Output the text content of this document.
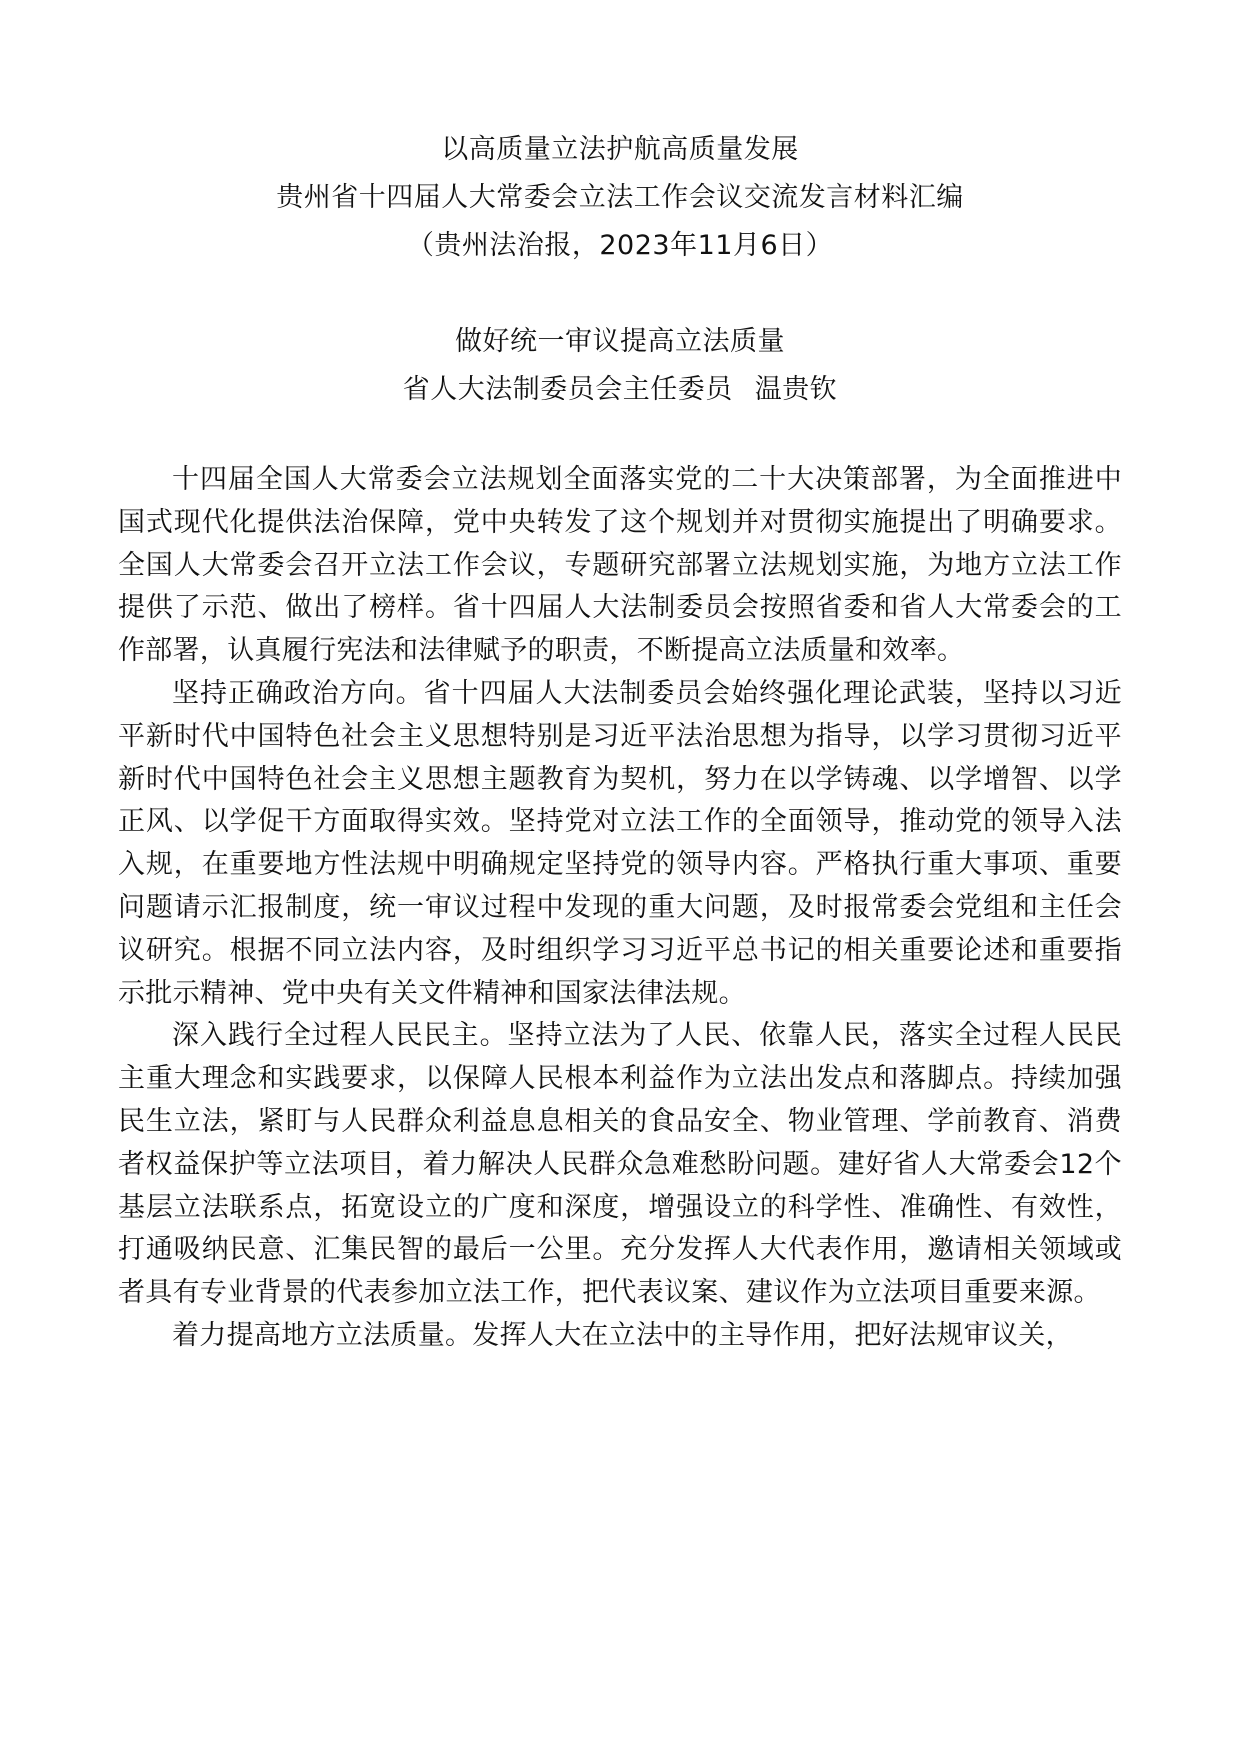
以高质量立法护航高质量发展
贵州省十四届人大常委会立法工作会议交流发言材料汇编
（贵州法治报，2023年11月6日）
做好统一审议提高立法质量
省人大法制委员会主任委员 温贵钦

十四届全国人大常委会立法规划全面落实党的二十大决策部署，为全面推进中国式现代化提供法治保障，党中央转发了这个规划并对贯彻实施提出了明确要求。全国人大常委会召开立法工作会议，专题研究部署立法规划实施，为地方立法工作提供了示范、做出了榜样。省十四届人大法制委员会按照省委和省人大常委会的工作部署，认真履行宪法和法律赋予的职责，不断提高立法质量和效率。

坚持正确政治方向。省十四届人大法制委员会始终强化理论武装，坚持以习近平新时代中国特色社会主义思想特别是习近平法治思想为指导，以学习贯彻习近平新时代中国特色社会主义思想主题教育为契机，努力在以学铸魂、以学增智、以学正风、以学促干方面取得实效。坚持党对立法工作的全面领导，推动党的领导入法入规，在重要地方性法规中明确规定坚持党的领导内容。严格执行重大事项、重要问题请示汇报制度，统一审议过程中发现的重大问题，及时报常委会党组和主任会议研究。根据不同立法内容，及时组织学习习近平总书记的相关重要论述和重要指示批示精神、党中央有关文件精神和国家法律法规。

深入践行全过程人民民主。坚持立法为了人民、依靠人民，落实全过程人民民主重大理念和实践要求，以保障人民根本利益作为立法出发点和落脚点。持续加强民生立法，紧盯与人民群众利益息息相关的食品安全、物业管理、学前教育、消费者权益保护等立法项目，着力解决人民群众急难愁盼问题。建好省人大常委会12个基层立法联系点，拓宽设立的广度和深度，增强设立的科学性、准确性、有效性，打通吸纳民意、汇集民智的最后一公里。充分发挥人大代表作用，邀请相关领域或者具有专业背景的代表参加立法工作，把代表议案、建议作为立法项目重要来源。

着力提高地方立法质量。发挥人大在立法中的主导作用，把好法规审议关，
